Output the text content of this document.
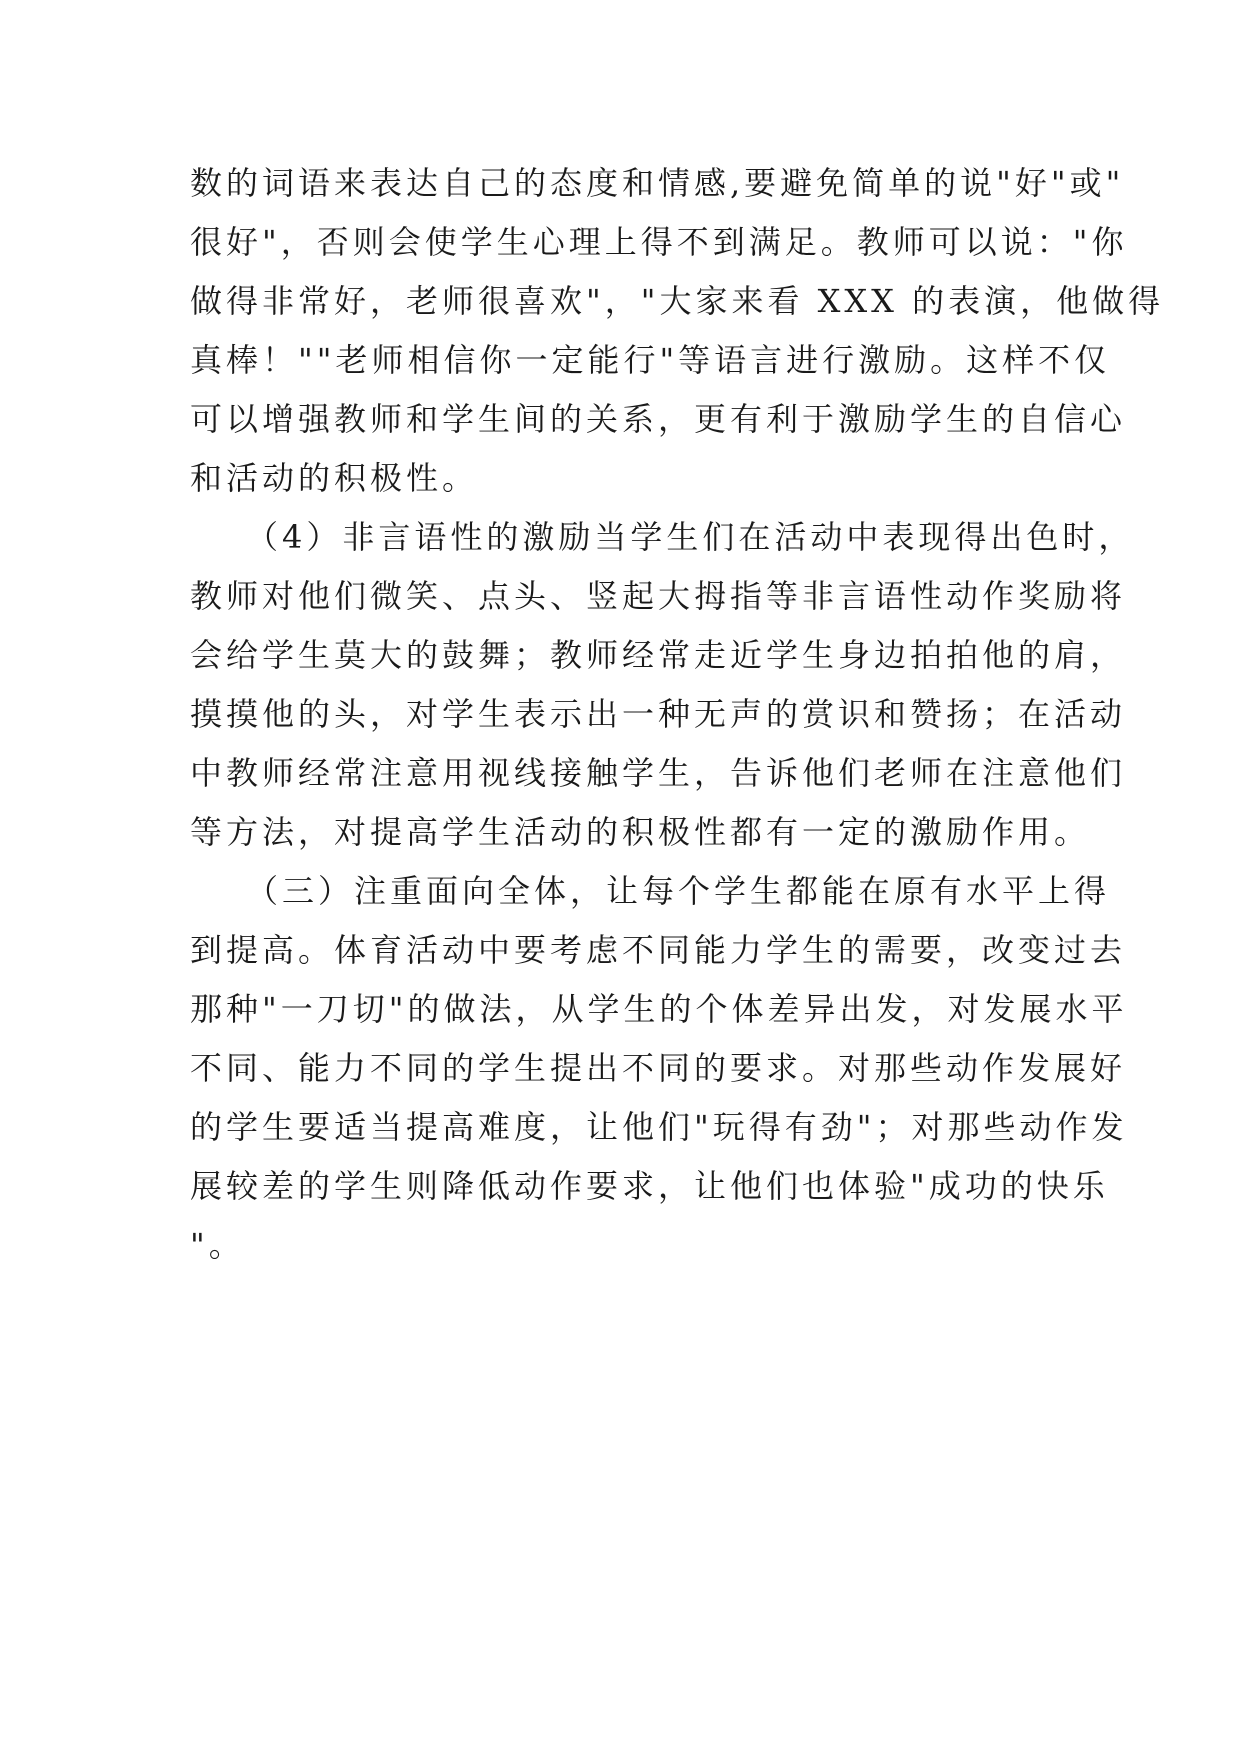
数的词语来表达自己的态度和情感,要避免简单的说"好"或"
很好"，否则会使学生心理上得不到满足。教师可以说："你
做得非常好，老师很喜欢"，"大家来看 XXX 的表演，他做得
真棒！""老师相信你一定能行"等语言进行激励。这样不仅
可以增强教师和学生间的关系，更有利于激励学生的自信心
和活动的积极性。
　　（4）非言语性的激励当学生们在活动中表现得出色时，
教师对他们微笑、点头、竖起大拇指等非言语性动作奖励将
会给学生莫大的鼓舞；教师经常走近学生身边拍拍他的肩，
摸摸他的头，对学生表示出一种无声的赏识和赞扬；在活动
中教师经常注意用视线接触学生，告诉他们老师在注意他们
等方法，对提高学生活动的积极性都有一定的激励作用。
　　（三）注重面向全体，让每个学生都能在原有水平上得
到提高。体育活动中要考虑不同能力学生的需要，改变过去
那种"一刀切"的做法，从学生的个体差异出发，对发展水平
不同、能力不同的学生提出不同的要求。对那些动作发展好
的学生要适当提高难度，让他们"玩得有劲"；对那些动作发
展较差的学生则降低动作要求，让他们也体验"成功的快乐
"。
